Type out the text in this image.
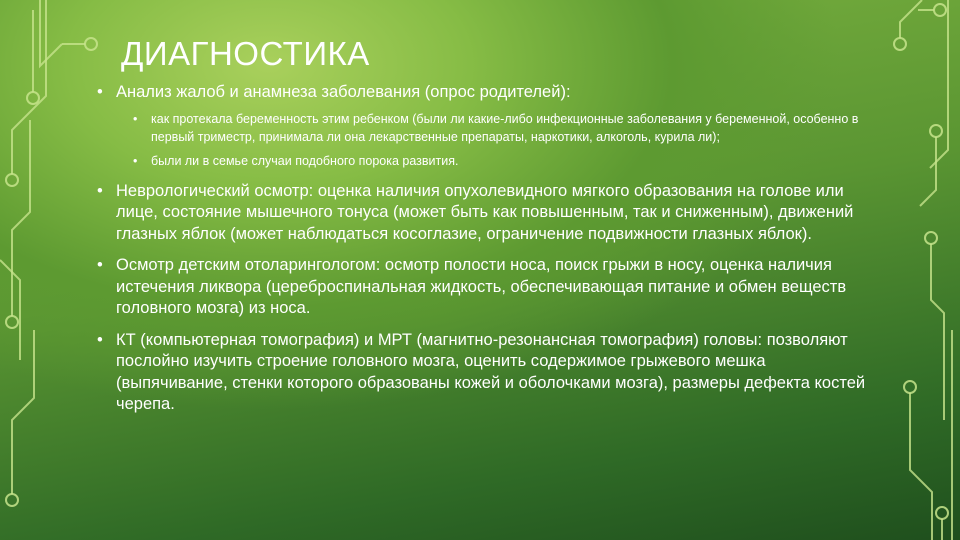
ДИАГНОСТИКА
• Анализ жалоб и анамнеза заболевания (опрос родителей):
• как протекала беременность этим ребенком (были ли какие-либо инфекционные заболевания у беременной, особенно в первый триместр, принимала ли она лекарственные препараты, наркотики, алкоголь, курила ли);
• были ли в семье случаи подобного порока развития.
• Неврологический осмотр: оценка наличия опухолевидного мягкого образования на голове или лице, состояние мышечного тонуса (может быть как повышенным, так и сниженным), движений глазных яблок (может наблюдаться косоглазие, ограничение подвижности глазных яблок).
• Осмотр детским отоларингологом: осмотр полости носа, поиск грыжи в носу, оценка наличия истечения ликвора (цереброспинальная жидкость, обеспечивающая питание и обмен веществ головного мозга) из носа.
• КТ (компьютерная томография) и МРТ (магнитно-резонансная томография) головы: позволяют послойно изучить строение головного мозга, оценить содержимое грыжевого мешка (выпячивание, стенки которого образованы кожей и оболочками мозга), размеры дефекта костей черепа.
